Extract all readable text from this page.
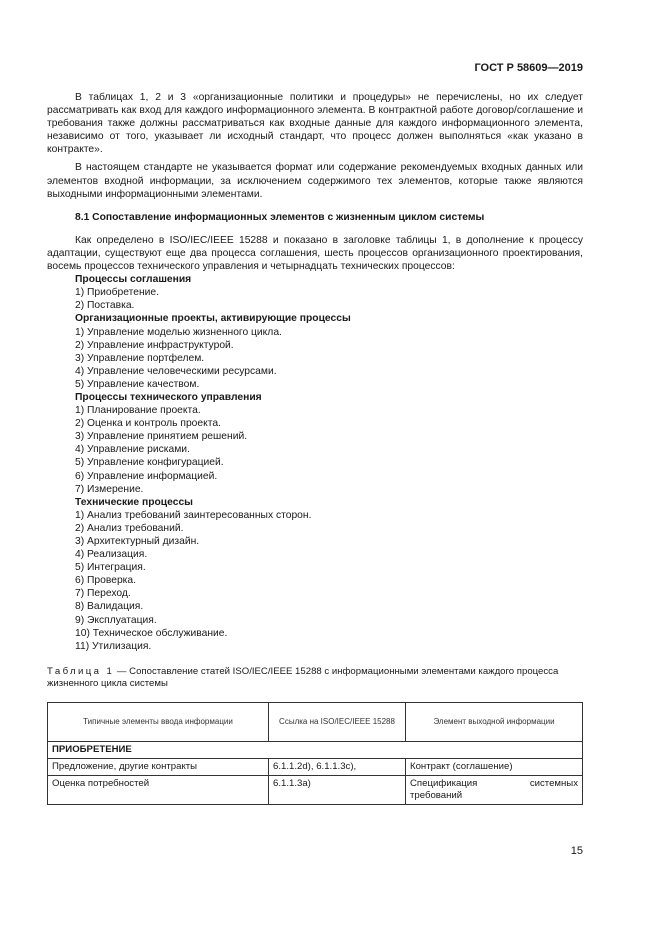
ГОСТ Р 58609—2019

В таблицах 1, 2 и 3 «организационные политики и процедуры» не перечислены, но их следует рассматривать как вход для каждого информационного элемента. В контрактной работе договор/соглашение и требования также должны рассматриваться как входные данные для каждого информационного элемента, независимо от того, указывает ли исходный стандарт, что процесс должен выполняться «как указано в контракте».

В настоящем стандарте не указывается формат или содержание рекомендуемых входных данных или элементов входной информации, за исключением содержимого тех элементов, которые также являются выходными информационными элементами.

8.1 Сопоставление информационных элементов с жизненным циклом системы

Как определено в ISO/IEC/IEEE 15288 и показано в заголовке таблицы 1, в дополнение к процессу адаптации, существуют еще два процесса соглашения, шесть процессов организационного проектирования, восемь процессов технического управления и четырнадцать технических процессов:

Процессы соглашения
1) Приобретение.
2) Поставка.
Организационные проекты, активирующие процессы
1) Управление моделью жизненного цикла.
2) Управление инфраструктурой.
3) Управление портфелем.
4) Управление человеческими ресурсами.
5) Управление качеством.
Процессы технического управления
1) Планирование проекта.
2) Оценка и контроль проекта.
3) Управление принятием решений.
4) Управление рисками.
5) Управление конфигурацией.
6) Управление информацией.
7) Измерение.
Технические процессы
1) Анализ требований заинтересованных сторон.
2) Анализ требований.
3) Архитектурный дизайн.
4) Реализация.
5) Интеграция.
6) Проверка.
7) Переход.
8) Валидация.
9) Эксплуатация.
10) Техническое обслуживание.
11) Утилизация.
Таблица 1 — Сопоставление статей ISO/IEC/IEEE 15288 с информационными элементами каждого процесса жизненного цикла системы
Типичные элементы ввода информации	Ссылка на ISO/IEC/IEEE 15288	Элемент выходной информации
ПРИОБРЕТЕНИЕ		
Предложение, другие контракты	6.1.1.2d), 6.1.1.3c),	Контракт (соглашение)
Оценка потребностей	6.1.1.3a)	Спецификация системных требований
15
